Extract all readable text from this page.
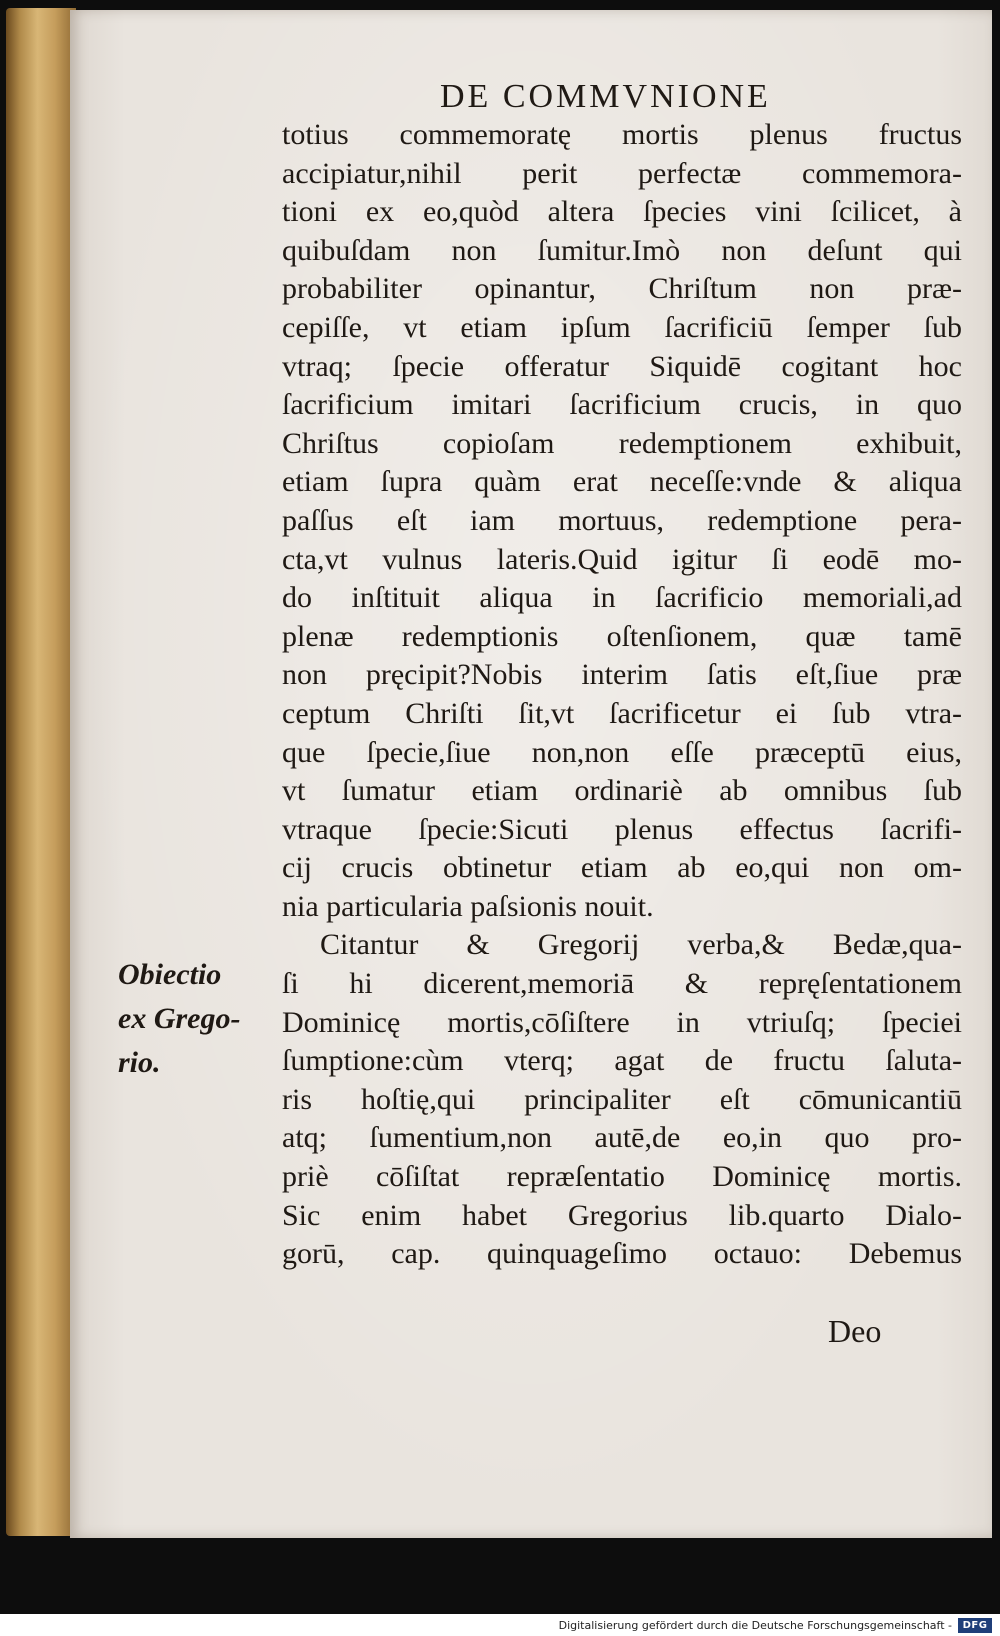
DE COMMVNIONE
totius commemoratę mortis plenus fructus
accipiatur,nihil perit perfectæ commemora-
tioni ex eo,quòd altera ſpecies vini ſcilicet, à
quibuſdam non ſumitur.Imò non deſunt qui
probabiliter opinantur, Chriſtum non præ-
cepiſſe, vt etiam ipſum ſacrificiū ſemper ſub
vtraq; ſpecie offeratur Siquidē cogitant hoc
ſacrificium imitari ſacrificium crucis, in quo
Chriſtus copioſam redemptionem exhibuit,
etiam ſupra quàm erat neceſſe:vnde & aliqua
paſſus eſt iam mortuus, redemptione pera-
cta,vt vulnus lateris.Quid igitur ſi eodē mo-
do inſtituit aliqua in ſacrificio memoriali,ad
plenæ redemptionis oſtenſionem, quæ tamē
non pręcipit?Nobis interim ſatis eſt,ſiue præ
ceptum Chriſti ſit,vt ſacrificetur ei ſub vtra-
que ſpecie,ſiue non,non eſſe præceptū eius,
vt ſumatur etiam ordinariè ab omnibus ſub
vtraque ſpecie:Sicuti plenus effectus ſacrifi-
cij crucis obtinetur etiam ab eo,qui non om-
nia particularia paſsionis nouit.
Citantur & Gregorij verba,& Bedæ,qua-
ſi hi dicerent,memoriā & repręſentationem
Dominicę mortis,cōſiſtere in vtriuſq; ſpeciei
ſumptione:cùm vterq; agat de fructu ſaluta-
ris hoſtię,qui principaliter eſt cōmunicantiū
atq; ſumentium,non autē,de eo,in quo pro-
priè cōſiſtat repræſentatio Dominicę mortis.
Sic enim habet Gregorius lib.quarto Dialo-
gorū, cap. quinquageſimo octauo: Debemus
Obiectio
ex Grego-
rio.
Deo
Digitalisierung gefördert durch die Deutsche Forschungsgemeinschaft -	DFG
